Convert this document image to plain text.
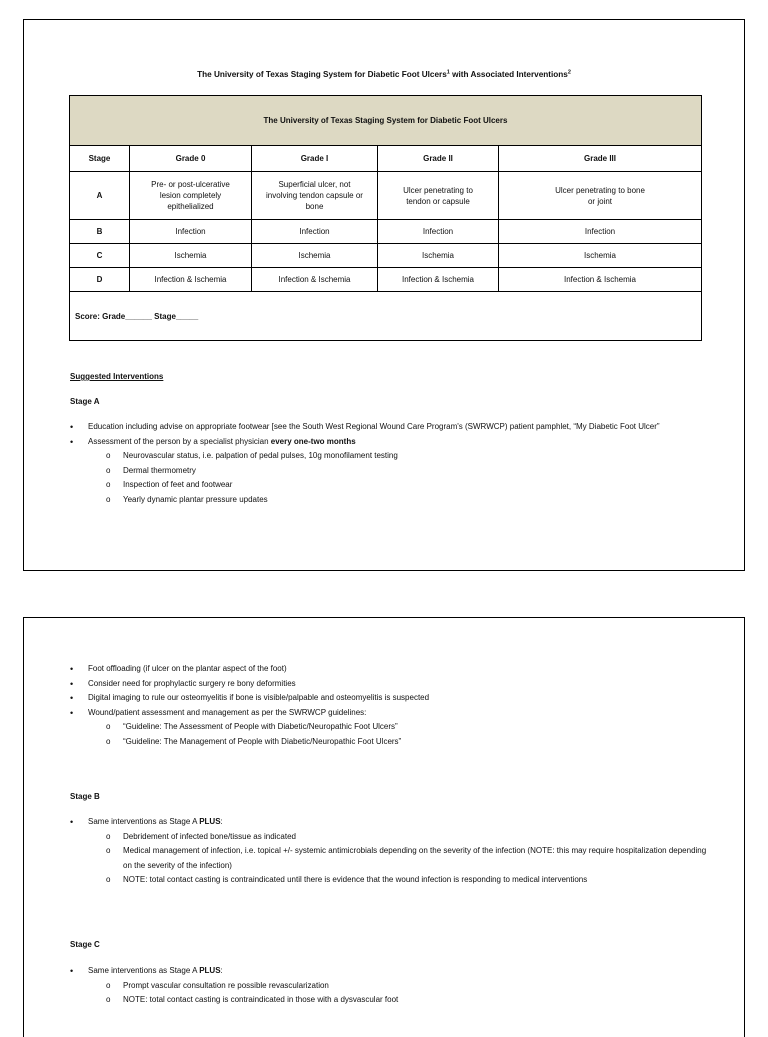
The University of Texas Staging System for Diabetic Foot Ulcers$^1$ with Associated Interventions$^2$
The University of Texas Staging System for Diabetic Foot Ulcers				
Stage	Grade 0	Grade I	Grade II	Grade III
A	Pre- or post-ulcerative lesion completely epithelialized	Superficial ulcer, not involving tendon capsule or bone	Ulcer penetrating to tendon or capsule	Ulcer penetrating to bone or joint

B	Infection	Infection	Infection	Infection
C	Ischemia	Ischemia	Ischemia	Ischemia
D	Infection & Ischemia	Infection & Ischemia	Infection & Ischemia	Infection & Ischemia
Score: Grade______ Stage_____				
Suggested Interventions
Stage A
• Education including advise on appropriate footwear [see the South West Regional Wound Care Program's (SWRWCP) patient pamphlet, “My Diabetic Foot Ulcer”
• Assessment of the person by a specialist physician every one-two months
o Neurovascular status, i.e. palpation of pedal pulses, 10g monofilament testing
o Dermal thermometry
o Inspection of feet and footwear
o Yearly dynamic plantar pressure updates
• Foot offloading (if ulcer on the plantar aspect of the foot)
• Consider need for prophylactic surgery re bony deformities
• Digital imaging to rule our osteomyelitis if bone is visible/palpable and osteomyelitis is suspected
• Wound/patient assessment and management as per the SWRWCP guidelines:
o “Guideline: The Assessment of People with Diabetic/Neuropathic Foot Ulcers”
o “Guideline: The Management of People with Diabetic/Neuropathic Foot Ulcers”
Stage B
• Same interventions as Stage A PLUS:
o Debridement of infected bone/tissue as indicated
o Medical management of infection, i.e. topical +/- systemic antimicrobials depending on the severity of the infection (NOTE: this may require hospitalization depending on the severity of the infection)
o NOTE: total contact casting is contraindicated until there is evidence that the wound infection is responding to medical interventions
Stage C
• Same interventions as Stage A PLUS:
o Prompt vascular consultation re possible revascularization
o NOTE: total contact casting is contraindicated in those with a dysvascular foot
